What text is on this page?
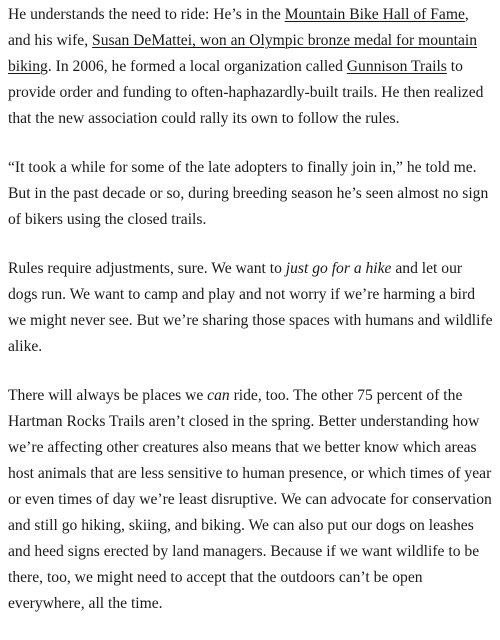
He understands the need to ride: He’s in the Mountain Bike Hall of Fame, and his wife, Susan DeMattei, won an Olympic bronze medal for mountain biking. In 2006, he formed a local organization called Gunnison Trails to provide order and funding to often-haphazardly-built trails. He then realized that the new association could rally its own to follow the rules.

“It took a while for some of the late adopters to finally join in,” he told me. But in the past decade or so, during breeding season he’s seen almost no sign of bikers using the closed trails.

Rules require adjustments, sure. We want to just go for a hike and let our dogs run. We want to camp and play and not worry if we’re harming a bird we might never see. But we’re sharing those spaces with humans and wildlife alike.

There will always be places we can ride, too. The other 75 percent of the Hartman Rocks Trails aren’t closed in the spring. Better understanding how we’re affecting other creatures also means that we better know which areas host animals that are less sensitive to human presence, or which times of year or even times of day we’re least disruptive. We can advocate for conservation and still go hiking, skiing, and biking. We can also put our dogs on leashes and heed signs erected by land managers. Because if we want wildlife to be there, too, we might need to accept that the outdoors can’t be open everywhere, all the time.
